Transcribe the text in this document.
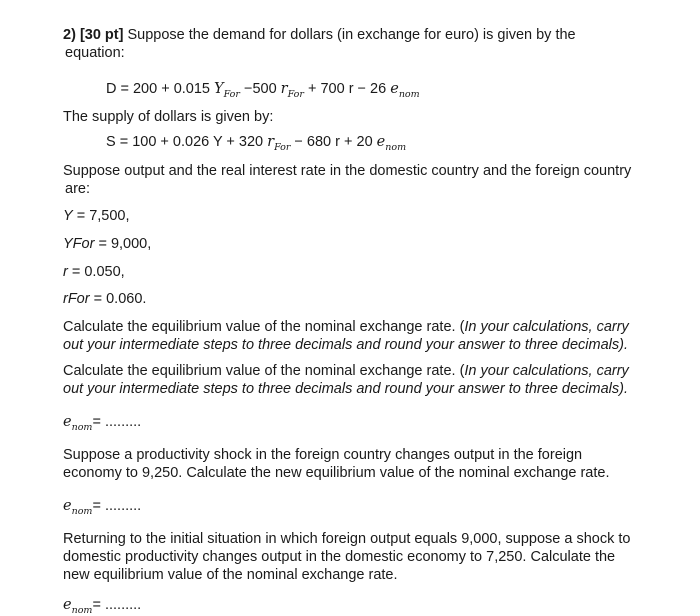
2) [30 pt] Suppose the demand for dollars (in exchange for euro) is given by the
equation:
D = 200 + 0.015 $Y_{For} -500$ $r_{For} + 700$ r − 26 $e_{nom}$
The supply of dollars is given by:
S = 100 + 0.026 Y + 320 $r_{For} - 680$ r + 20 $e_{nom}$
Suppose output and the real interest rate in the domestic country and the foreign country
are:
Y = 7,500,
YFor = 9,000,
r = 0.050,
rFor = 0.060.
Calculate the equilibrium value of the nominal exchange rate. (In your calculations, carry
out your intermediate steps to three decimals and round your answer to three decimals).
Calculate the equilibrium value of the nominal exchange rate. (In your calculations, carry
out your intermediate steps to three decimals and round your answer to three decimals).
$e_{nom}=$ .........
Suppose a productivity shock in the foreign country changes output in the foreign
economy to 9,250. Calculate the new equilibrium value of the nominal exchange rate.
$e_{nom}=$ .........
Returning to the initial situation in which foreign output equals 9,000, suppose a shock to
domestic productivity changes output in the domestic economy to 7,250. Calculate the
new equilibrium value of the nominal exchange rate.
$e_{nom}=$ .........
